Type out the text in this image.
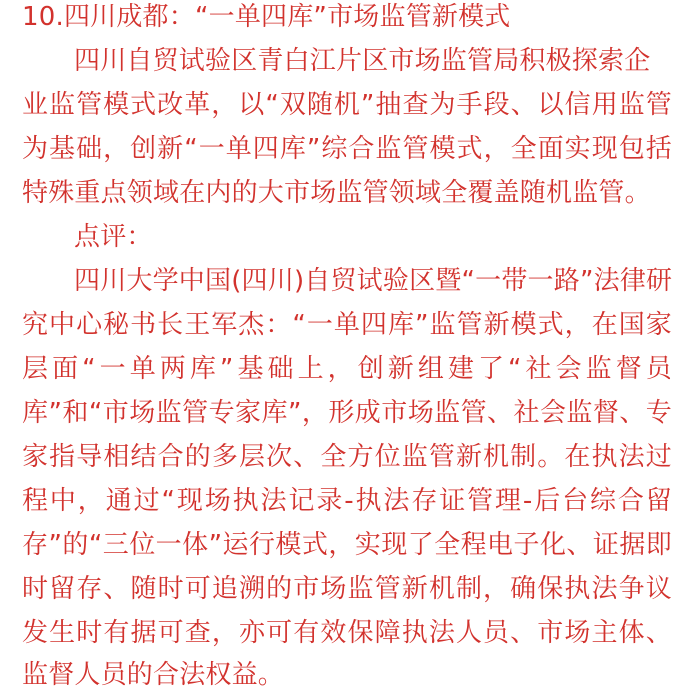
10.四川成都：“一单四库”市场监管新模式
四川自贸试验区青白江片区市场监管局积极探索企
业监管模式改革，以“双随机”抽查为手段、以信用监管
为基础，创新“一单四库”综合监管模式，全面实现包括
特殊重点领域在内的大市场监管领域全覆盖随机监管。
点评：
四川大学中国(四川)自贸试验区暨“一带一路”法律研
究中心秘书长王军杰：“一单四库”监管新模式，在国家
层面“一单两库”基础上，创新组建了“社会监督员
库”和“市场监管专家库”，形成市场监管、社会监督、专
家指导相结合的多层次、全方位监管新机制。在执法过
程中，通过“现场执法记录-执法存证管理-后台综合留
存”的“三位一体”运行模式，实现了全程电子化、证据即
时留存、随时可追溯的市场监管新机制，确保执法争议
发生时有据可查，亦可有效保障执法人员、市场主体、
监督人员的合法权益。
